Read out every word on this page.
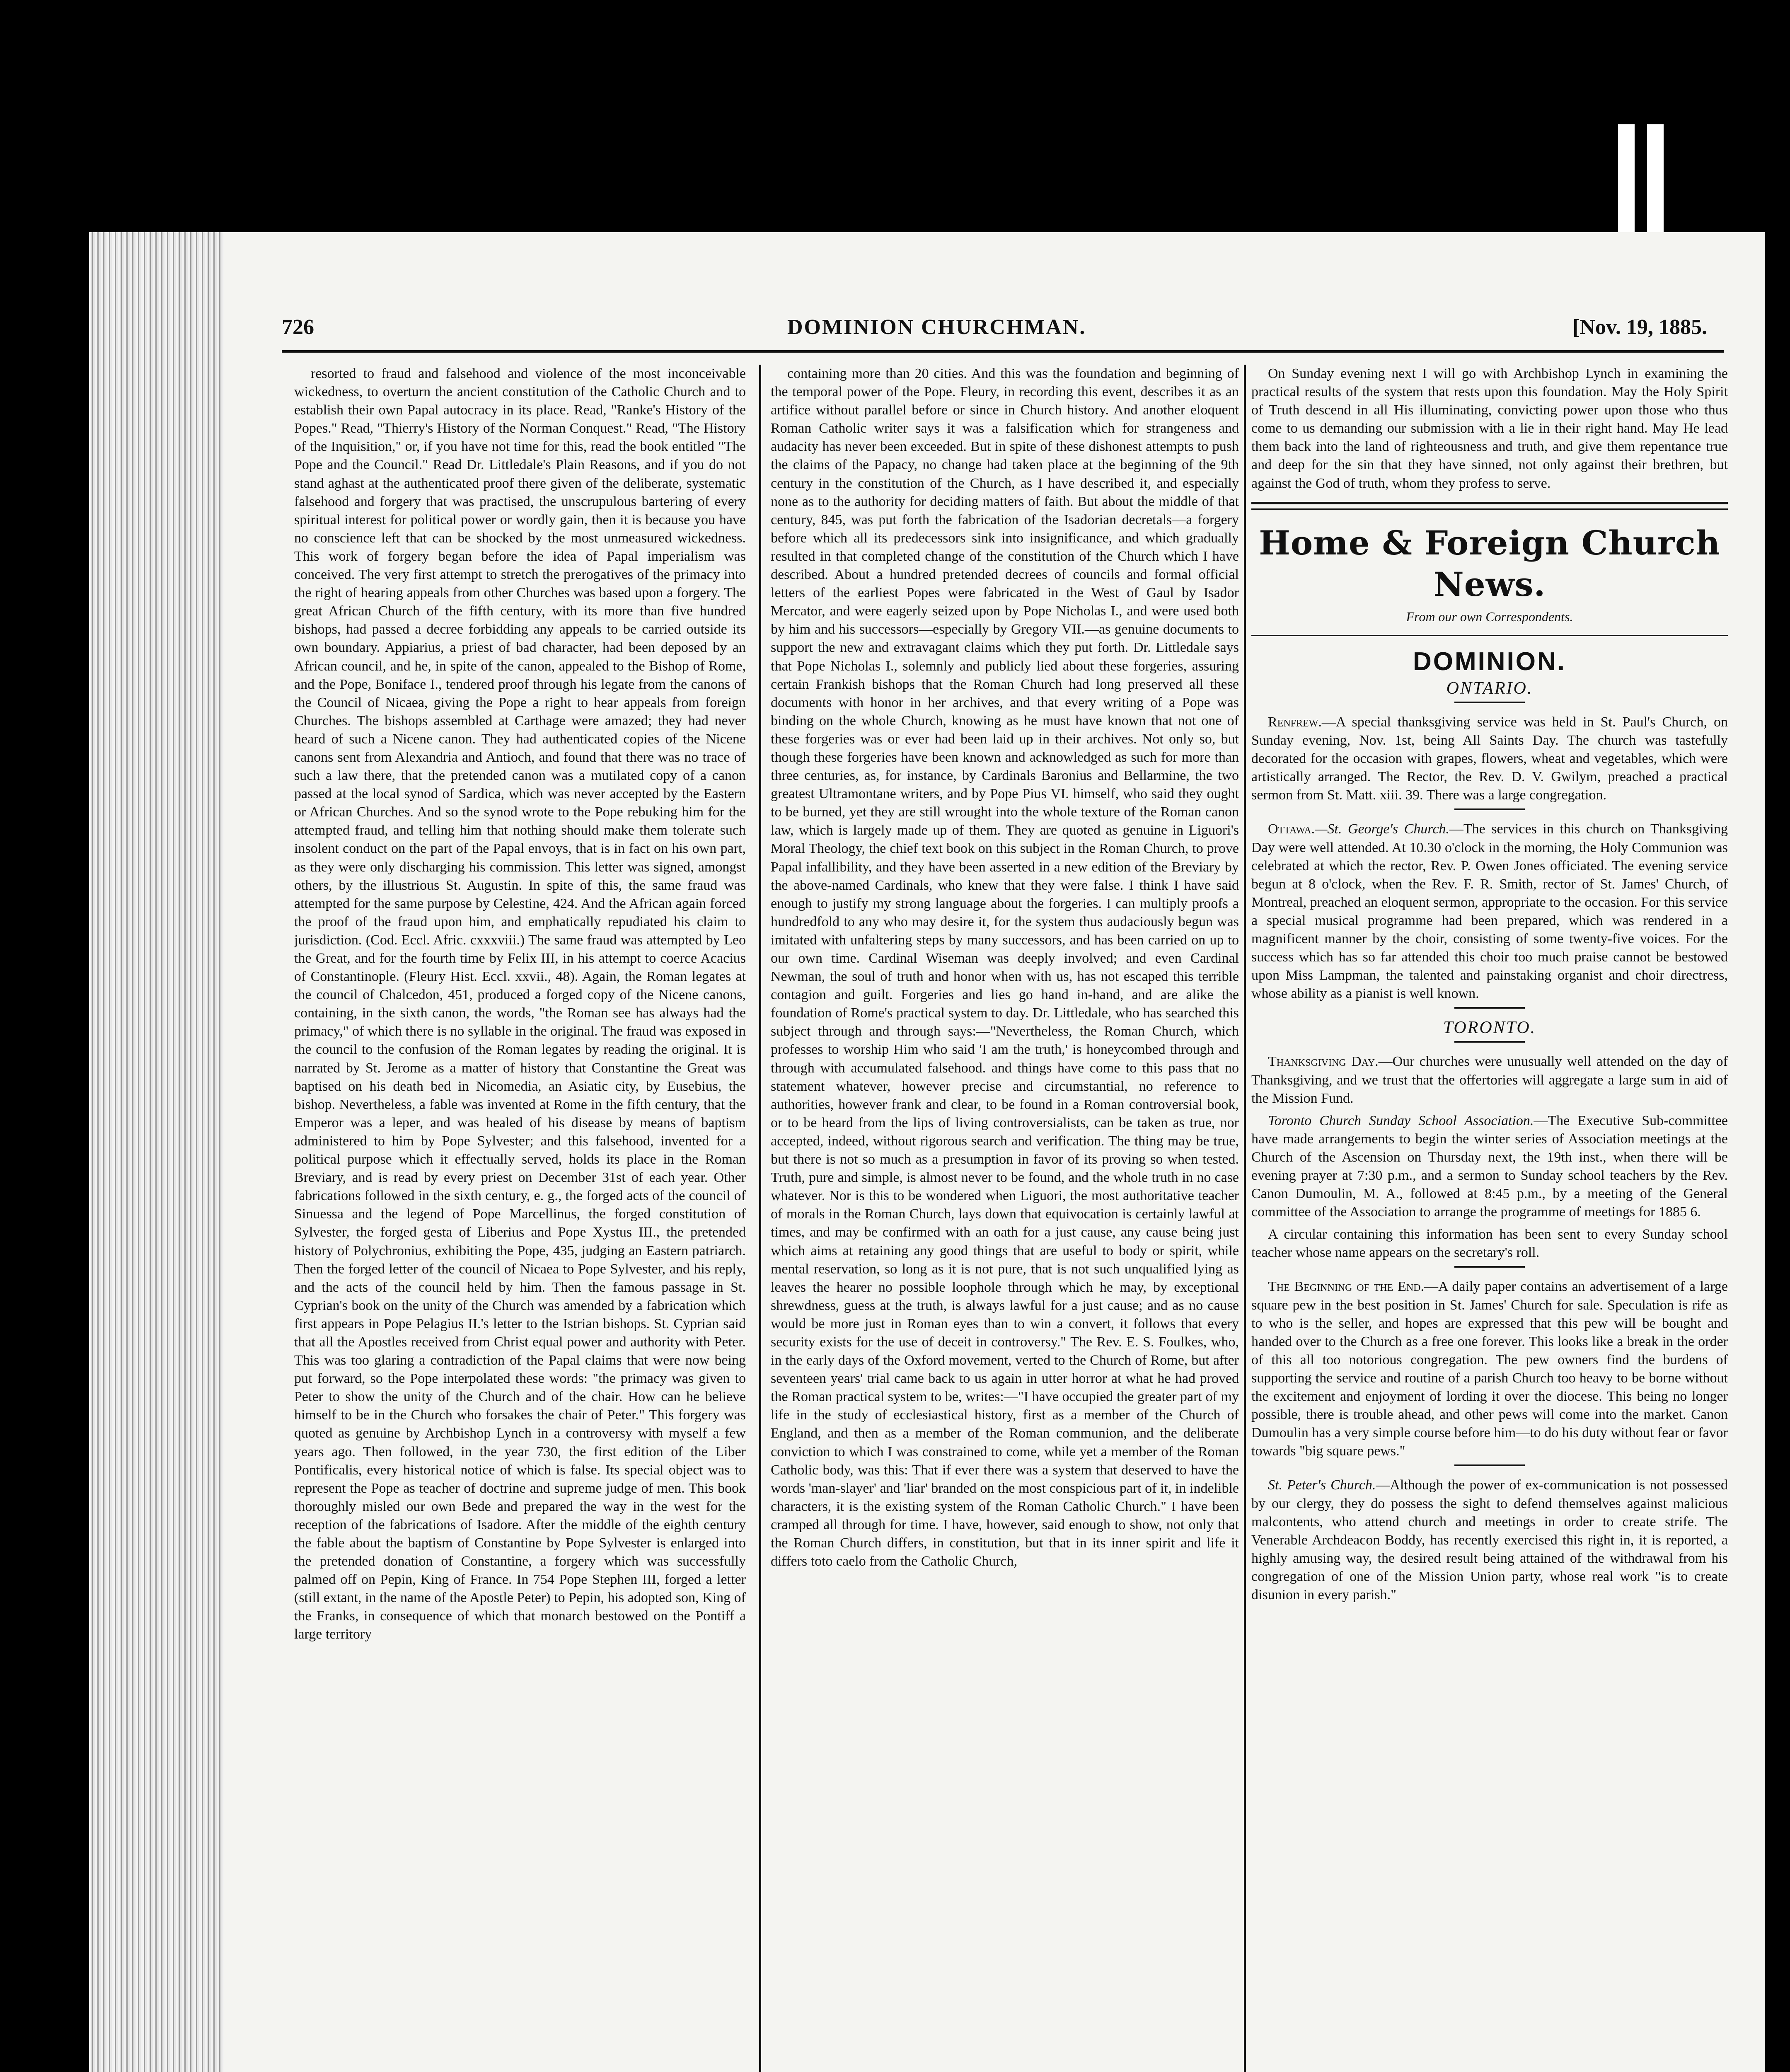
726	DOMINION CHURCHMAN.	[Nov. 19, 1885.

resorted to fraud and falsehood and violence of the most inconceivable wickedness, to overturn the ancient constitution of the Catholic Church and to establish their own Papal autocracy in its place. Read, "Ranke's History of the Popes." Read, "Thierry's History of the Norman Conquest." Read, "The History of the Inquisition," or, if you have not time for this, read the book entitled "The Pope and the Council." Read Dr. Littledale's Plain Reasons, and if you do not stand aghast at the authenticated proof there given of the deliberate, systematic falsehood and forgery that was practised, the unscrupulous bartering of every spiritual interest for political power or wordly gain, then it is because you have no conscience left that can be shocked by the most unmeasured wickedness. This work of forgery began before the idea of Papal imperialism was conceived. The very first attempt to stretch the prerogatives of the primacy into the right of hearing appeals from other Churches was based upon a forgery. The great African Church of the fifth century, with its more than five hundred bishops, had passed a decree forbidding any appeals to be carried outside its own boundary. Appiarius, a priest of bad character, had been deposed by an African council, and he, in spite of the canon, appealed to the Bishop of Rome, and the Pope, Boniface I., tendered proof through his legate from the canons of the Council of Nicaea, giving the Pope a right to hear appeals from foreign Churches. The bishops assembled at Carthage were amazed; they had never heard of such a Nicene canon. They had authenticated copies of the Nicene canons sent from Alexandria and Antioch, and found that there was no trace of such a law there, that the pretended canon was a mutilated copy of a canon passed at the local synod of Sardica, which was never accepted by the Eastern or African Churches. And so the synod wrote to the Pope rebuking him for the attempted fraud, and telling him that nothing should make them tolerate such insolent conduct on the part of the Papal envoys, that is in fact on his own part, as they were only discharging his commission. This letter was signed, amongst others, by the illustrious St. Augustin. In spite of this, the same fraud was attempted for the same purpose by Celestine, 424. And the African again forced the proof of the fraud upon him, and emphatically repudiated his claim to jurisdiction. (Cod. Eccl. Afric. cxxxviii.) The same fraud was attempted by Leo the Great, and for the fourth time by Felix III, in his attempt to coerce Acacius of Constantinople. (Fleury Hist. Eccl. xxvii., 48). Again, the Roman legates at the council of Chalcedon, 451, produced a forged copy of the Nicene canons, containing, in the sixth canon, the words, "the Roman see has always had the primacy," of which there is no syllable in the original. The fraud was exposed in the council to the confusion of the Roman legates by reading the original. It is narrated by St. Jerome as a matter of history that Constantine the Great was baptised on his death bed in Nicomedia, an Asiatic city, by Eusebius, the bishop. Nevertheless, a fable was invented at Rome in the fifth century, that the Emperor was a leper, and was healed of his disease by means of baptism administered to him by Pope Sylvester; and this falsehood, invented for a political purpose which it effectually served, holds its place in the Roman Breviary, and is read by every priest on December 31st of each year. Other fabrications followed in the sixth century, e. g., the forged acts of the council of Sinuessa and the legend of Pope Marcellinus, the forged constitution of Sylvester, the forged gesta of Liberius and Pope Xystus III., the pretended history of Polychronius, exhibiting the Pope, 435, judging an Eastern patriarch. Then the forged letter of the council of Nicaea to Pope Sylvester, and his reply, and the acts of the council held by him. Then the famous passage in St. Cyprian's book on the unity of the Church was amended by a fabrication which first appears in Pope Pelagius II.'s letter to the Istrian bishops. St. Cyprian said that all the Apostles received from Christ equal power and authority with Peter. This was too glaring a contradiction of the Papal claims that were now being put forward, so the Pope interpolated these words: "the primacy was given to Peter to show the unity of the Church and of the chair. How can he believe himself to be in the Church who forsakes the chair of Peter." This forgery was quoted as genuine by Archbishop Lynch in a controversy with myself a few years ago. Then followed, in the year 730, the first edition of the Liber Pontificalis, every historical notice of which is false. Its special object was to represent the Pope as teacher of doctrine and supreme judge of men. This book thoroughly misled our own Bede and prepared the way in the west for the reception of the fabrications of Isadore. After the middle of the eighth century the fable about the baptism of Constantine by Pope Sylvester is enlarged into the pretended donation of Constantine, a forgery which was successfully palmed off on Pepin, King of France. In 754 Pope Stephen III, forged a letter (still extant, in the name of the Apostle Peter) to Pepin, his adopted son, King of the Franks, in consequence of which that monarch bestowed on the Pontiff a large territory

containing more than 20 cities. And this was the foundation and beginning of the temporal power of the Pope. Fleury, in recording this event, describes it as an artifice without parallel before or since in Church history. And another eloquent Roman Catholic writer says it was a falsification which for strangeness and audacity has never been exceeded. But in spite of these dishonest attempts to push the claims of the Papacy, no change had taken place at the beginning of the 9th century in the constitution of the Church, as I have described it, and especially none as to the authority for deciding matters of faith. But about the middle of that century, 845, was put forth the fabrication of the Isadorian decretals—a forgery before which all its predecessors sink into insignificance, and which gradually resulted in that completed change of the constitution of the Church which I have described. About a hundred pretended decrees of councils and formal official letters of the earliest Popes were fabricated in the West of Gaul by Isador Mercator, and were eagerly seized upon by Pope Nicholas I., and were used both by him and his successors—especially by Gregory VII.—as genuine documents to support the new and extravagant claims which they put forth. Dr. Littledale says that Pope Nicholas I., solemnly and publicly lied about these forgeries, assuring certain Frankish bishops that the Roman Church had long preserved all these documents with honor in her archives, and that every writing of a Pope was binding on the whole Church, knowing as he must have known that not one of these forgeries was or ever had been laid up in their archives. Not only so, but though these forgeries have been known and acknowledged as such for more than three centuries, as, for instance, by Cardinals Baronius and Bellarmine, the two greatest Ultramontane writers, and by Pope Pius VI. himself, who said they ought to be burned, yet they are still wrought into the whole texture of the Roman canon law, which is largely made up of them. They are quoted as genuine in Liguori's Moral Theology, the chief text book on this subject in the Roman Church, to prove Papal infallibility, and they have been asserted in a new edition of the Breviary by the above-named Cardinals, who knew that they were false. I think I have said enough to justify my strong language about the forgeries. I can multiply proofs a hundredfold to any who may desire it, for the system thus audaciously begun was imitated with unfaltering steps by many successors, and has been carried on up to our own time. Cardinal Wiseman was deeply involved; and even Cardinal Newman, the soul of truth and honor when with us, has not escaped this terrible contagion and guilt. Forgeries and lies go hand in-hand, and are alike the foundation of Rome's practical system to day. Dr. Littledale, who has searched this subject through and through says:—"Nevertheless, the Roman Church, which professes to worship Him who said 'I am the truth,' is honeycombed through and through with accumulated falsehood. and things have come to this pass that no statement whatever, however precise and circumstantial, no reference to authorities, however frank and clear, to be found in a Roman controversial book, or to be heard from the lips of living controversialists, can be taken as true, nor accepted, indeed, without rigorous search and verification. The thing may be true, but there is not so much as a presumption in favor of its proving so when tested. Truth, pure and simple, is almost never to be found, and the whole truth in no case whatever. Nor is this to be wondered when Liguori, the most authoritative teacher of morals in the Roman Church, lays down that equivocation is certainly lawful at times, and may be confirmed with an oath for a just cause, any cause being just which aims at retaining any good things that are useful to body or spirit, while mental reservation, so long as it is not pure, that is not such unqualified lying as leaves the hearer no possible loophole through which he may, by exceptional shrewdness, guess at the truth, is always lawful for a just cause; and as no cause would be more just in Roman eyes than to win a convert, it follows that every security exists for the use of deceit in controversy." The Rev. E. S. Foulkes, who, in the early days of the Oxford movement, verted to the Church of Rome, but after seventeen years' trial came back to us again in utter horror at what he had proved the Roman practical system to be, writes:—"I have occupied the greater part of my life in the study of ecclesiastical history, first as a member of the Church of England, and then as a member of the Roman communion, and the deliberate conviction to which I was constrained to come, while yet a member of the Roman Catholic body, was this: That if ever there was a system that deserved to have the words 'man-slayer' and 'liar' branded on the most conspicious part of it, in indelible characters, it is the existing system of the Roman Catholic Church." I have been cramped all through for time. I have, however, said enough to show, not only that the Roman Church differs, in constitution, but that in its inner spirit and life it differs toto caelo from the Catholic Church,

On Sunday evening next I will go with Archbishop Lynch in examining the practical results of the system that rests upon this foundation. May the Holy Spirit of Truth descend in all His illuminating, convicting power upon those who thus come to us demanding our submission with a lie in their right hand. May He lead them back into the land of righteousness and truth, and give them repentance true and deep for the sin that they have sinned, not only against their brethren, but against the God of truth, whom they profess to serve.

Home & Foreign Church News.
From our own Correspondents.
DOMINION.
ONTARIO.

Renfrew.—A special thanksgiving service was held in St. Paul's Church, on Sunday evening, Nov. 1st, being All Saints Day. The church was tastefully decorated for the occasion with grapes, flowers, wheat and vegetables, which were artistically arranged. The Rector, the Rev. D. V. Gwilym, preached a practical sermon from St. Matt. xiii. 39. There was a large congregation.

Ottawa.—St. George's Church.—The services in this church on Thanksgiving Day were well attended. At 10.30 o'clock in the morning, the Holy Communion was celebrated at which the rector, Rev. P. Owen Jones officiated. The evening service begun at 8 o'clock, when the Rev. F. R. Smith, rector of St. James' Church, of Montreal, preached an eloquent sermon, appropriate to the occasion. For this service a special musical programme had been prepared, which was rendered in a magnificent manner by the choir, consisting of some twenty-five voices. For the success which has so far attended this choir too much praise cannot be bestowed upon Miss Lampman, the talented and painstaking organist and choir directress, whose ability as a pianist is well known.

TORONTO.

Thanksgiving Day.—Our churches were unusually well attended on the day of Thanksgiving, and we trust that the offertories will aggregate a large sum in aid of the Mission Fund.

Toronto Church Sunday School Association.—The Executive Sub-committee have made arrangements to begin the winter series of Association meetings at the Church of the Ascension on Thursday next, the 19th inst., when there will be evening prayer at 7:30 p.m., and a sermon to Sunday school teachers by the Rev. Canon Dumoulin, M. A., followed at 8:45 p.m., by a meeting of the General committee of the Association to arrange the programme of meetings for 1885 6.

A circular containing this information has been sent to every Sunday school teacher whose name appears on the secretary's roll.

The Beginning of the End.—A daily paper contains an advertisement of a large square pew in the best position in St. James' Church for sale. Speculation is rife as to who is the seller, and hopes are expressed that this pew will be bought and handed over to the Church as a free one forever. This looks like a break in the order of this all too notorious congregation. The pew owners find the burdens of supporting the service and routine of a parish Church too heavy to be borne without the excitement and enjoyment of lording it over the diocese. This being no longer possible, there is trouble ahead, and other pews will come into the market. Canon Dumoulin has a very simple course before him—to do his duty without fear or favor towards "big square pews."

St. Peter's Church.—Although the power of ex-communication is not possessed by our clergy, they do possess the sight to defend themselves against malicious malcontents, who attend church and meetings in order to create strife. The Venerable Archdeacon Boddy, has recently exercised this right in, it is reported, a highly amusing way, the desired result being attained of the withdrawal from his congregation of one of the Mission Union party, whose real work "is to create disunion in every parish."
